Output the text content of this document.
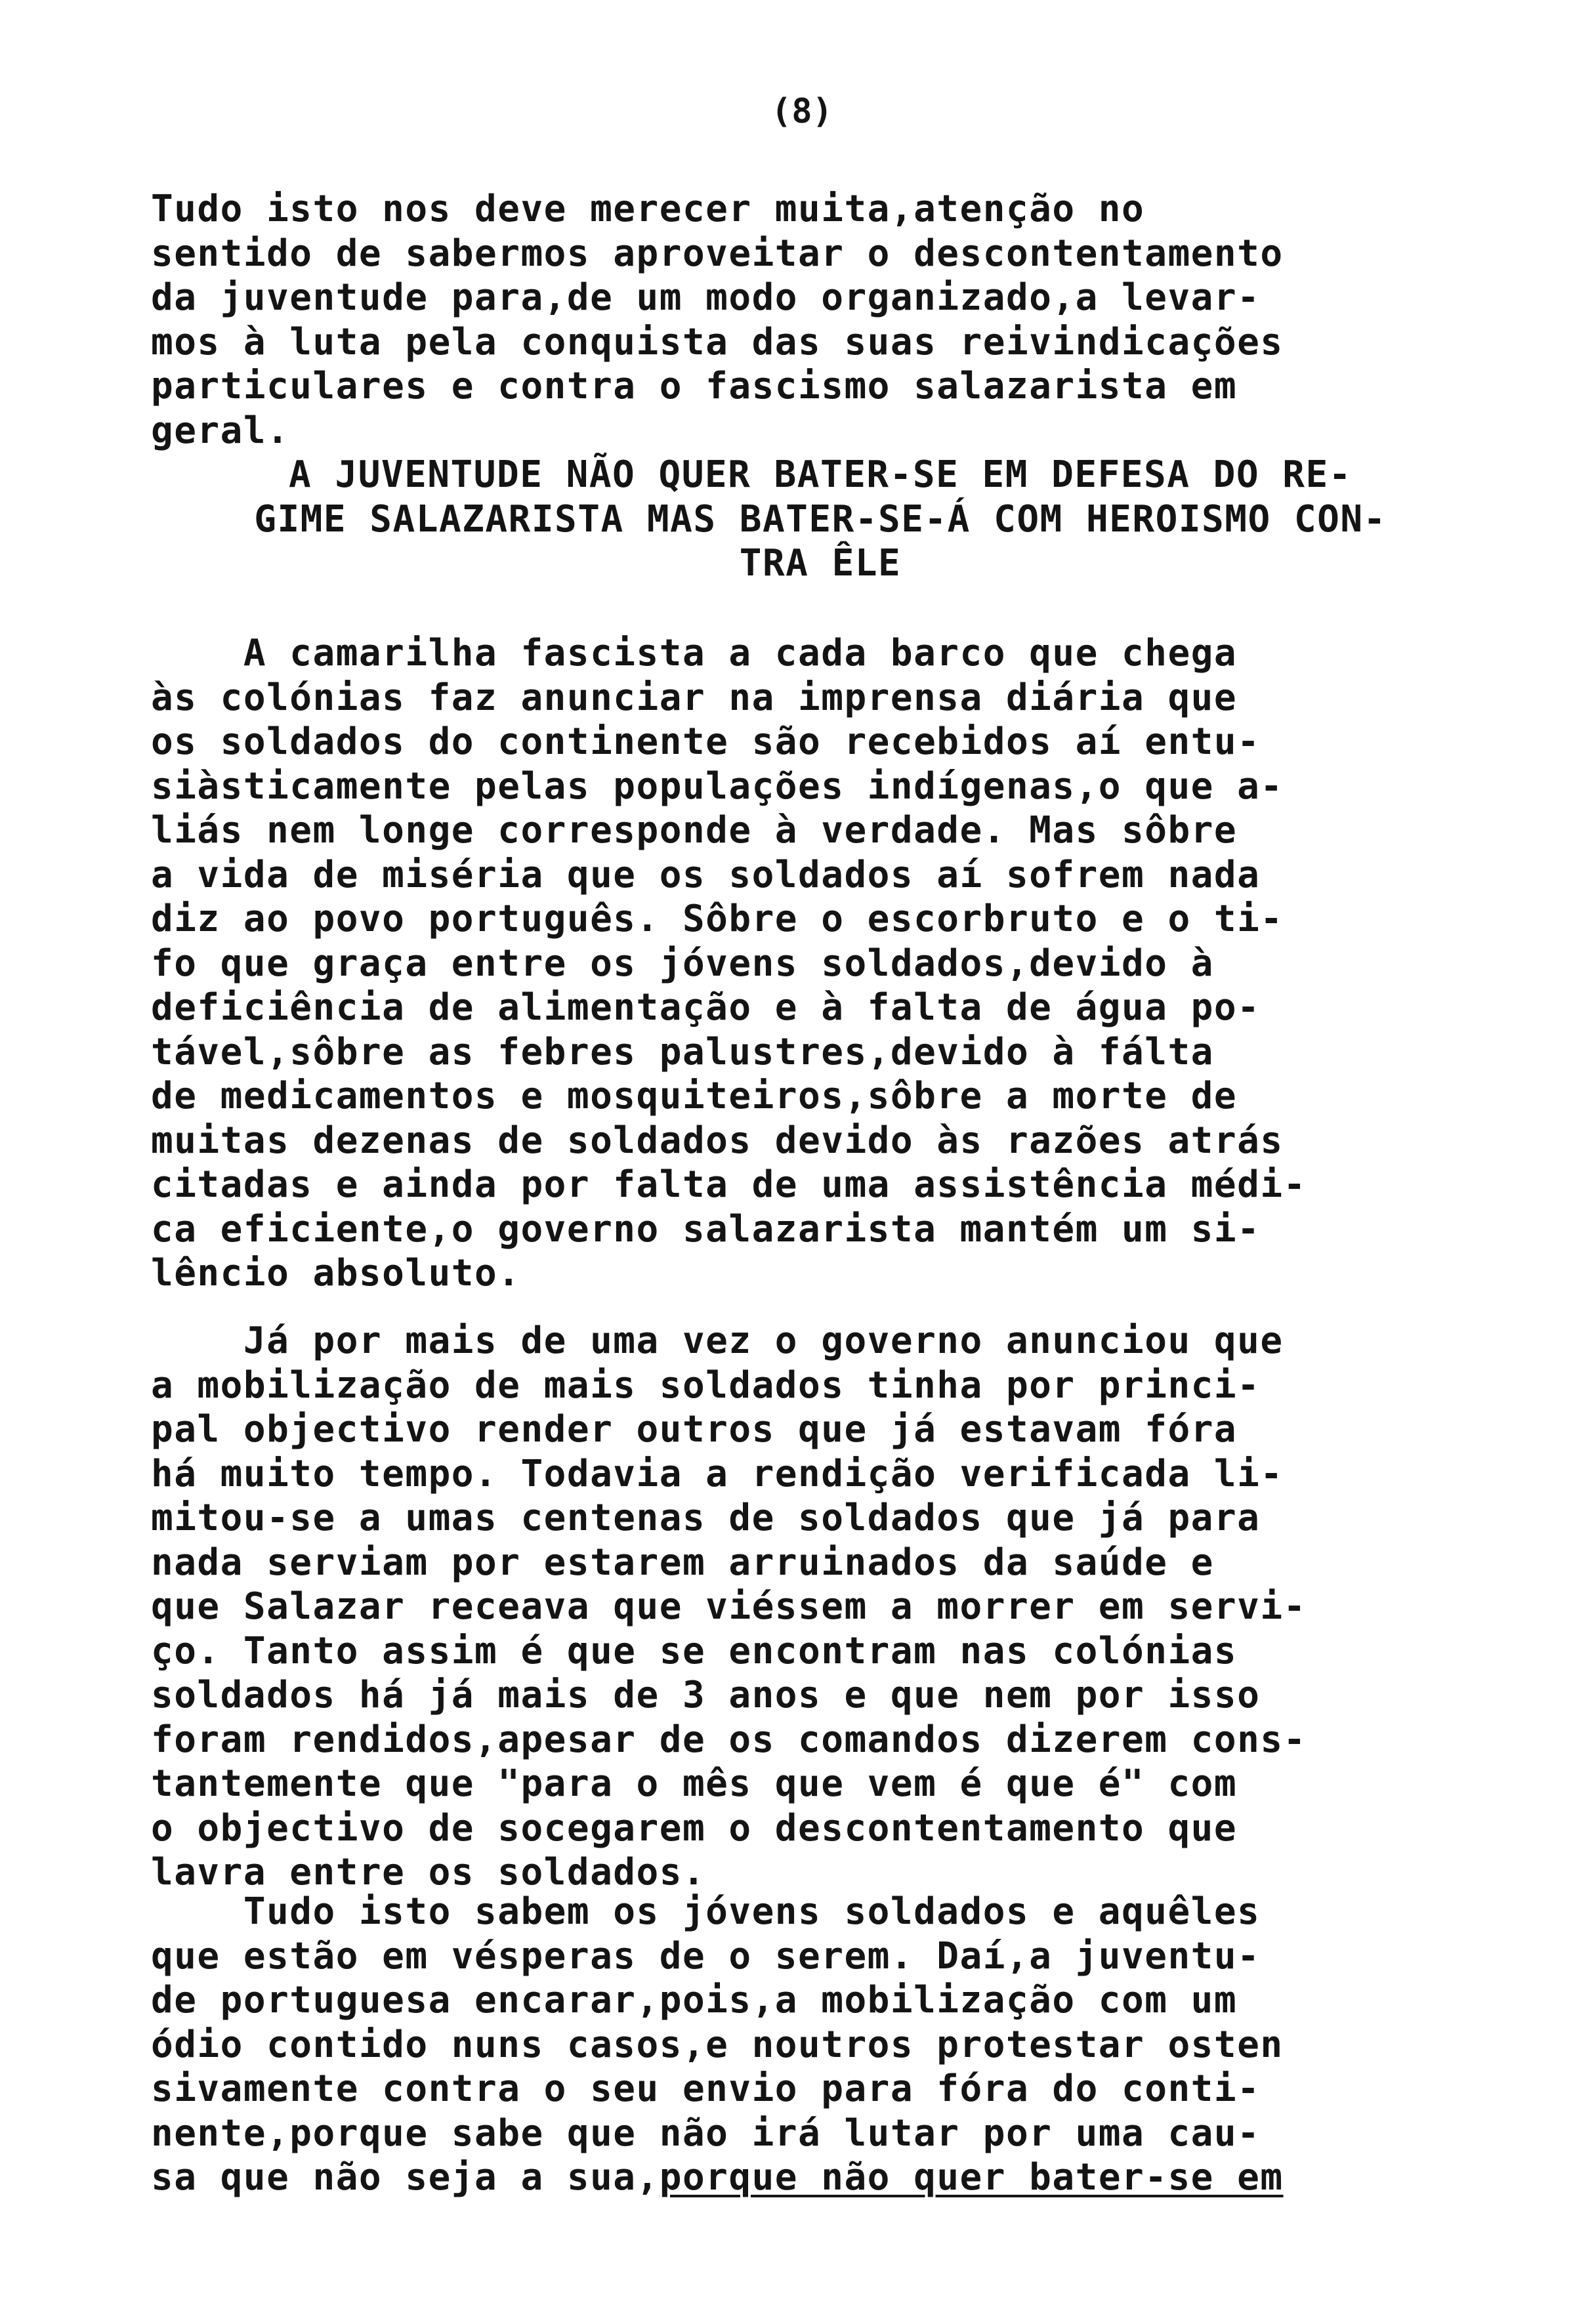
(8)

Tudo isto nos deve merecer muita,atenção no
sentido de sabermos aproveitar o descontentamento
da juventude para,de um modo organizado,a levar-
mos à luta pela conquista das suas reivindicações
particulares e contra o fascismo salazarista em
geral.

A JUVENTUDE NÃO QUER BATER-SE EM DEFESA DO RE-
GIME SALAZARISTA MAS BATER-SE-Á COM HEROISMO CON-
TRA ÊLE

A camarilha fascista a cada barco que chega
às colónias faz anunciar na imprensa diária que
os soldados do continente são recebidos aí entu-
siàsticamente pelas populações indígenas,o que a-
liás nem longe corresponde à verdade. Mas sôbre
a vida de miséria que os soldados aí sofrem nada
diz ao povo português. Sôbre o escorbruto e o ti-
fo que graça entre os jóvens soldados,devido à
deficiência de alimentação e à falta de água po-
tável,sôbre as febres palustres,devido à fálta
de medicamentos e mosquiteiros,sôbre a morte de
muitas dezenas de soldados devido às razões atrás
citadas e ainda por falta de uma assistência médi-
ca eficiente,o governo salazarista mantém um si-
lêncio absoluto.

Já por mais de uma vez o governo anunciou que
a mobilização de mais soldados tinha por princi-
pal objectivo render outros que já estavam fóra
há muito tempo. Todavia a rendição verificada li-
mitou-se a umas centenas de soldados que já para
nada serviam por estarem arruinados da saúde e
que Salazar receava que viéssem a morrer em servi-
ço. Tanto assim é que se encontram nas colónias
soldados há já mais de 3 anos e que nem por isso
foram rendidos,apesar de os comandos dizerem cons-
tantemente que "para o mês que vem é que é" com
o objectivo de socegarem o descontentamento que
lavra entre os soldados.

Tudo isto sabem os jóvens soldados e aquêles
que estão em vésperas de o serem. Daí,a juventu-
de portuguesa encarar,pois,a mobilização com um
ódio contido nuns casos,e noutros protestar osten
sivamente contra o seu envio para fóra do conti-
nente,porque sabe que não irá lutar por uma cau-
sa que não seja a sua,porque não quer bater-se em
